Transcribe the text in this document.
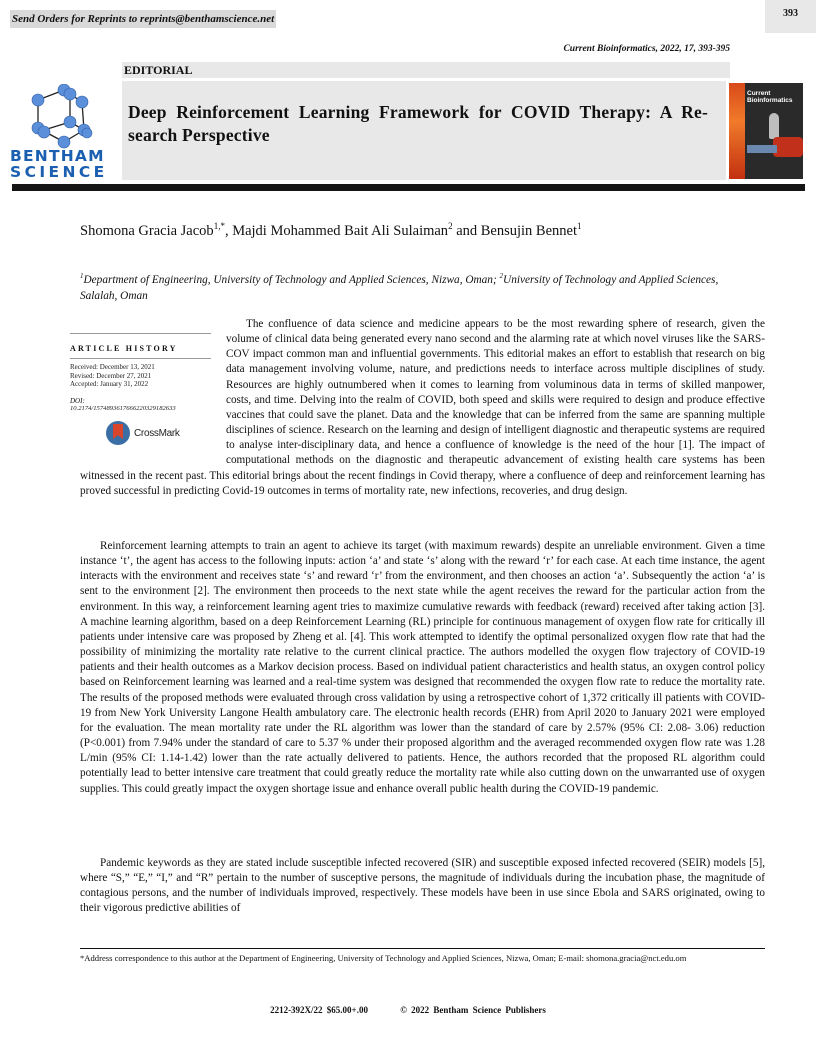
Send Orders for Reprints to reprints@benthamscience.net	393
Current Bioinformatics, 2022, 17, 393-395
BENTHAM
SCIENCE
EDITORIAL
Deep Reinforcement Learning Framework for COVID Therapy: A Re-search Perspective
Current
Bioinformatics
Shomona Gracia Jacob$^{1,*}$, Majdi Mohammed Bait Ali Sulaiman$^2$ and Bensujin Bennet$^1$
$^1$Department of Engineering, University of Technology and Applied Sciences, Nizwa, Oman; $^2$University of Technology and Applied Sciences, Salalah, Oman
ARTICLE HISTORY
Received: December 13, 2021
Revised: December 27, 2021
Accepted: January 31, 2022
DOI:
10.2174/1574893617666220329182633
CrossMark
The confluence of data science and medicine appears to be the most rewarding sphere of research, given the volume of clinical data being generated every nano second and the alarming rate at which novel viruses like the SARS-COV impact common man and influential governments. This editorial makes an effort to establish that research on big data management involving volume, nature, and predictions needs to interface across multiple disciplines of study. Resources are highly outnumbered when it comes to learning from voluminous data in terms of skilled manpower, costs, and time. Delving into the realm of COVID, both speed and skills were required to design and produce effective vaccines that could save the planet. Data and the knowledge that can be inferred from the same are spanning multiple disciplines of science. Research on the learning and design of intelligent diagnostic and therapeutic systems are required to analyse inter-disciplinary data, and hence a confluence of knowledge is the need of the hour [1]. The impact of computational methods on the diagnostic and therapeutic advancement of existing health care systems has been witnessed in the recent past. This editorial brings about the recent findings in Covid therapy, where a confluence of deep and reinforcement learning has proved successful in predicting Covid-19 outcomes in terms of mortality rate, new infections, recoveries, and drug design.
Reinforcement learning attempts to train an agent to achieve its target (with maximum rewards) despite an unreliable environment. Given a time instance ‘t’, the agent has access to the following inputs: action ‘a’ and state ‘s’ along with the reward ‘r’ for each case. At each time instance, the agent interacts with the environment and receives state ‘s’ and reward ‘r’ from the environment, and then chooses an action ‘a’. Subsequently the action ‘a’ is sent to the environment [2]. The environment then proceeds to the next state while the agent receives the reward for the particular action from the environment. In this way, a reinforcement learning agent tries to maximize cumulative rewards with feedback (reward) received after taking action [3]. A machine learning algorithm, based on a deep Reinforcement Learning (RL) principle for continuous management of oxygen flow rate for critically ill patients under intensive care was proposed by Zheng et al. [4]. This work attempted to identify the optimal personalized oxygen flow rate that had the possibility of minimizing the mortality rate relative to the current clinical practice. The authors modelled the oxygen flow trajectory of COVID-19 patients and their health outcomes as a Markov decision process. Based on individual patient characteristics and health status, an oxygen control policy based on Reinforcement learning was learned and a real-time system was designed that recommended the oxygen flow rate to reduce the mortality rate. The results of the proposed methods were evaluated through cross validation by using a retrospective cohort of 1,372 critically ill patients with COVID-19 from New York University Langone Health ambulatory care. The electronic health records (EHR) from April 2020 to January 2021 were employed for the evaluation. The mean mortality rate under the RL algorithm was lower than the standard of care by 2.57% (95% CI: 2.08- 3.06) reduction (P<0.001) from 7.94% under the standard of care to 5.37 % under their proposed algorithm and the averaged recommended oxygen flow rate was 1.28 L/min (95% CI: 1.14-1.42) lower than the rate actually delivered to patients. Hence, the authors recorded that the proposed RL algorithm could potentially lead to better intensive care treatment that could greatly reduce the mortality rate while also cutting down on the unwarranted use of oxygen supplies. This could greatly impact the oxygen shortage issue and enhance overall public health during the COVID-19 pandemic.
Pandemic keywords as they are stated include susceptible infected recovered (SIR) and susceptible exposed infected recovered (SEIR) models [5], where “S,” “E,” “I,” and “R” pertain to the number of susceptive persons, the magnitude of individuals during the incubation phase, the magnitude of contagious persons, and the number of individuals improved, respectively. These models have been in use since Ebola and SARS originated, owing to their vigorous predictive abilities of
*Address correspondence to this author at the Department of Engineering, University of Technology and Applied Sciences, Nizwa, Oman; E-mail: shomona.gracia@nct.edu.om
2212-392X/22 $65.00+.00	© 2022 Bentham Science Publishers
